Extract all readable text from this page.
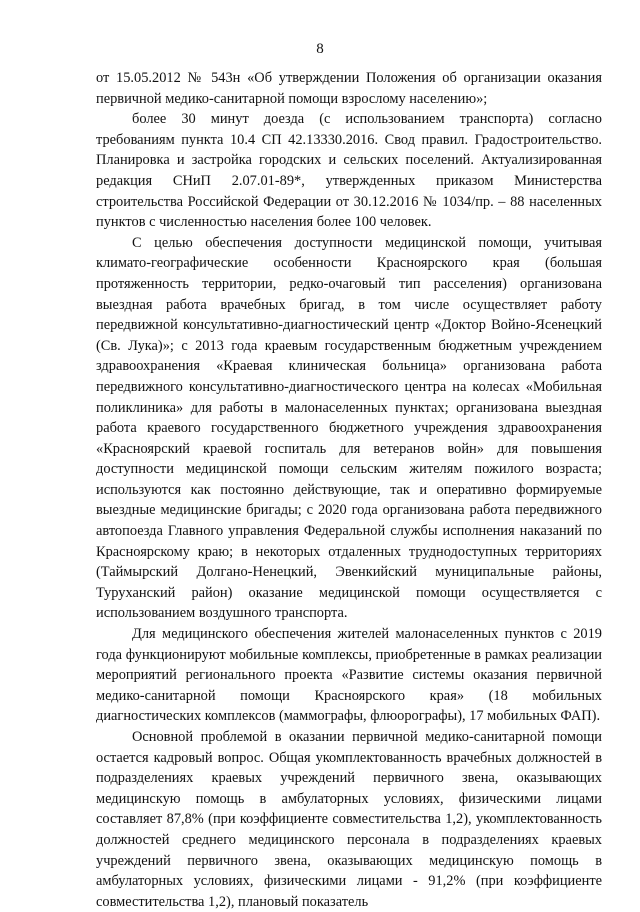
8

от 15.05.2012 № 543н «Об утверждении Положения об организации оказания первичной медико-санитарной помощи взрослому населению»;

более 30 минут доезда (с использованием транспорта) согласно требованиям пункта 10.4 СП 42.13330.2016. Свод правил. Градостроительство. Планировка и застройка городских и сельских поселений. Актуализированная редакция СНиП 2.07.01-89*, утвержденных приказом Министерства строительства Российской Федерации от 30.12.2016 № 1034/пр. – 88 населенных пунктов с численностью населения более 100 человек.

С целью обеспечения доступности медицинской помощи, учитывая климато-географические особенности Красноярского края (большая протяженность территории, редко-очаговый тип расселения) организована выездная работа врачебных бригад, в том числе осуществляет работу передвижной консультативно-диагностический центр «Доктор Войно-Ясенецкий (Св. Лука)»; с 2013 года краевым государственным бюджетным учреждением здравоохранения «Краевая клиническая больница» организована работа передвижного консультативно-диагностического центра на колесах «Мобильная поликлиника» для работы в малонаселенных пунктах; организована выездная работа краевого государственного бюджетного учреждения здравоохранения «Красноярский краевой госпиталь для ветеранов войн» для повышения доступности медицинской помощи сельским жителям пожилого возраста; используются как постоянно действующие, так и оперативно формируемые выездные медицинские бригады; с 2020 года организована работа передвижного автопоезда Главного управления Федеральной службы исполнения наказаний по Красноярскому краю; в некоторых отдаленных труднодоступных территориях (Таймырский Долгано-Ненецкий, Эвенкийский муниципальные районы, Туруханский район) оказание медицинской помощи осуществляется с использованием воздушного транспорта.

Для медицинского обеспечения жителей малонаселенных пунктов с 2019 года функционируют мобильные комплексы, приобретенные в рамках реализации мероприятий регионального проекта «Развитие системы оказания первичной медико-санитарной помощи Красноярского края» (18 мобильных диагностических комплексов (маммографы, флюорографы), 17 мобильных ФАП).

Основной проблемой в оказании первичной медико-санитарной помощи остается кадровый вопрос. Общая укомплектованность врачебных должностей в подразделениях краевых учреждений первичного звена, оказывающих медицинскую помощь в амбулаторных условиях, физическими лицами составляет 87,8% (при коэффициенте совместительства 1,2), укомплектованность должностей среднего медицинского персонала в подразделениях краевых учреждений первичного звена, оказывающих медицинскую помощь в амбулаторных условиях, физическими лицами - 91,2% (при коэффициенте совместительства 1,2), плановый показатель
